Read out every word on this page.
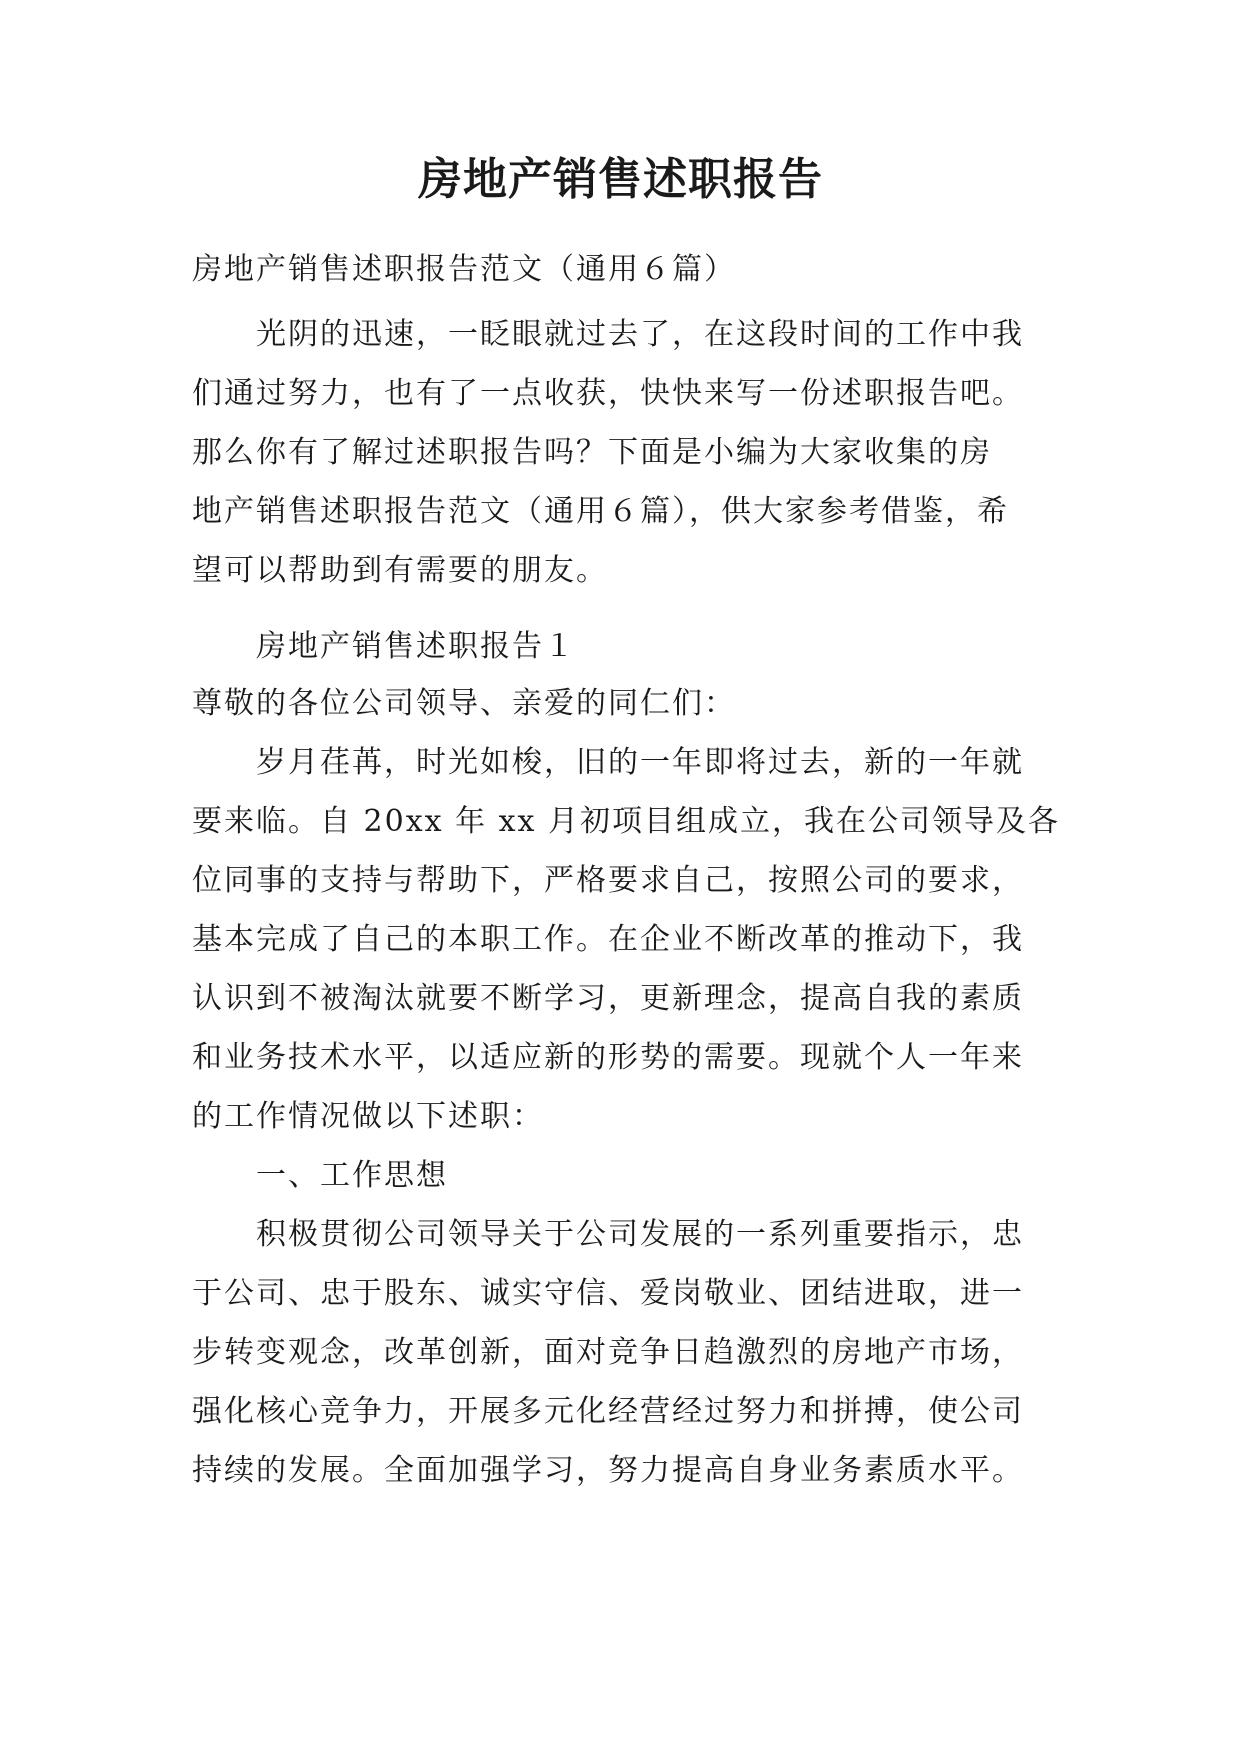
房地产销售述职报告
房地产销售述职报告范文（通用６篇）
光阴的迅速，一眨眼就过去了，在这段时间的工作中我
们通过努力，也有了一点收获，快快来写一份述职报告吧。
那么你有了解过述职报告吗？下面是小编为大家收集的房
地产销售述职报告范文（通用６篇），供大家参考借鉴，希
望可以帮助到有需要的朋友。
房地产销售述职报告１
尊敬的各位公司领导、亲爱的同仁们：
岁月荏苒，时光如梭，旧的一年即将过去，新的一年就
要来临。自 20xx 年 xx 月初项目组成立，我在公司领导及各
位同事的支持与帮助下，严格要求自己，按照公司的要求，
基本完成了自己的本职工作。在企业不断改革的推动下，我
认识到不被淘汰就要不断学习，更新理念，提高自我的素质
和业务技术水平，以适应新的形势的需要。现就个人一年来
的工作情况做以下述职：
一、工作思想
积极贯彻公司领导关于公司发展的一系列重要指示，忠
于公司、忠于股东、诚实守信、爱岗敬业、团结进取，进一
步转变观念，改革创新，面对竞争日趋激烈的房地产市场，
强化核心竞争力，开展多元化经营经过努力和拼搏，使公司
持续的发展。全面加强学习，努力提高自身业务素质水平。
